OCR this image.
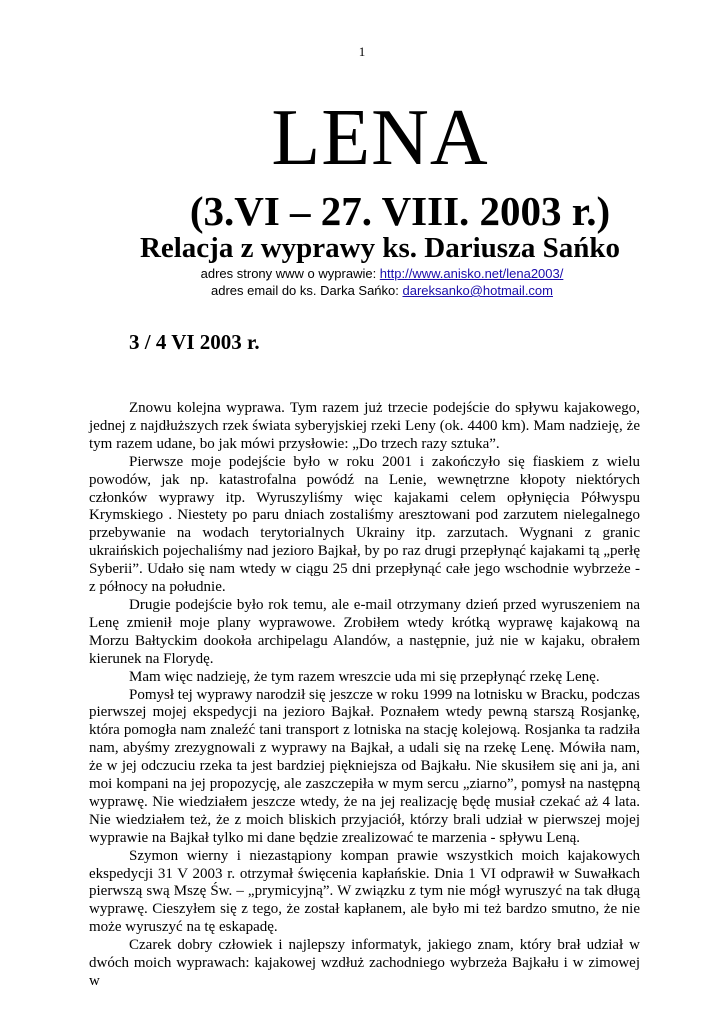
1
LENA
(3.VI – 27. VIII. 2003 r.)
Relacja z wyprawy ks. Dariusza Sańko
adres strony www o wyprawie: http://www.anisko.net/lena2003/
adres email do ks. Darka Sańko: dareksanko@hotmail.com
3 / 4 VI 2003 r.

Znowu kolejna wyprawa. Tym razem już trzecie podejście do spływu kajakowego, jednej z najdłuższych rzek świata syberyjskiej rzeki Leny (ok. 4400 km). Mam nadzieję, że tym razem udane, bo jak mówi przysłowie: „Do trzech razy sztuka”.

Pierwsze moje podejście było w roku 2001 i zakończyło się fiaskiem z wielu powodów, jak np. katastrofalna powódź na Lenie, wewnętrzne kłopoty niektórych członków wyprawy itp. Wyruszyliśmy więc kajakami celem opłynięcia Półwyspu Krymskiego . Niestety po paru dniach zostaliśmy aresztowani pod zarzutem nielegalnego przebywanie na wodach terytorialnych Ukrainy itp. zarzutach. Wygnani z granic ukraińskich pojechaliśmy nad jezioro Bajkał, by po raz drugi przepłynąć kajakami tą „perłę Syberii”. Udało się nam wtedy w ciągu 25 dni przepłynąć całe jego wschodnie wybrzeże - z północy na południe.

Drugie podejście było rok temu, ale e-mail otrzymany dzień przed wyruszeniem na Lenę zmienił moje plany wyprawowe. Zrobiłem wtedy krótką wyprawę kajakową na Morzu Bałtyckim dookoła archipelagu Alandów, a następnie, już nie w kajaku, obrałem kierunek na Florydę.

Mam więc nadzieję, że tym razem wreszcie uda mi się przepłynąć rzekę Lenę.

Pomysł tej wyprawy narodził się jeszcze w roku 1999 na lotnisku w Bracku, podczas pierwszej mojej ekspedycji na jezioro Bajkał. Poznałem wtedy pewną starszą Rosjankę, która pomogła nam znaleźć tani transport z lotniska na stację kolejową. Rosjanka ta radziła nam, abyśmy zrezygnowali z wyprawy na Bajkał, a udali się na rzekę Lenę. Mówiła nam, że w jej odczuciu rzeka ta jest bardziej piękniejsza od Bajkału. Nie skusiłem się ani ja, ani moi kompani na jej propozycję, ale zaszczepiła w mym sercu „ziarno”, pomysł na następną wyprawę. Nie wiedziałem jeszcze wtedy, że na jej realizację będę musiał czekać aż 4 lata. Nie wiedziałem też, że z moich bliskich przyjaciół, którzy brali udział w pierwszej mojej wyprawie na Bajkał tylko mi dane będzie zrealizować te marzenia - spływu Leną.

Szymon wierny i niezastąpiony kompan prawie wszystkich moich kajakowych ekspedycji 31 V 2003 r. otrzymał święcenia kapłańskie. Dnia 1 VI odprawił w Suwałkach pierwszą swą Mszę Św. – „prymicyjną”. W związku z tym nie mógł wyruszyć na tak długą wyprawę. Cieszyłem się z tego, że został kapłanem, ale było mi też bardzo smutno, że nie może wyruszyć na tę eskapadę.

Czarek dobry człowiek i najlepszy informatyk, jakiego znam, który brał udział w dwóch moich wyprawach: kajakowej wzdłuż zachodniego wybrzeża Bajkału i w zimowej w
